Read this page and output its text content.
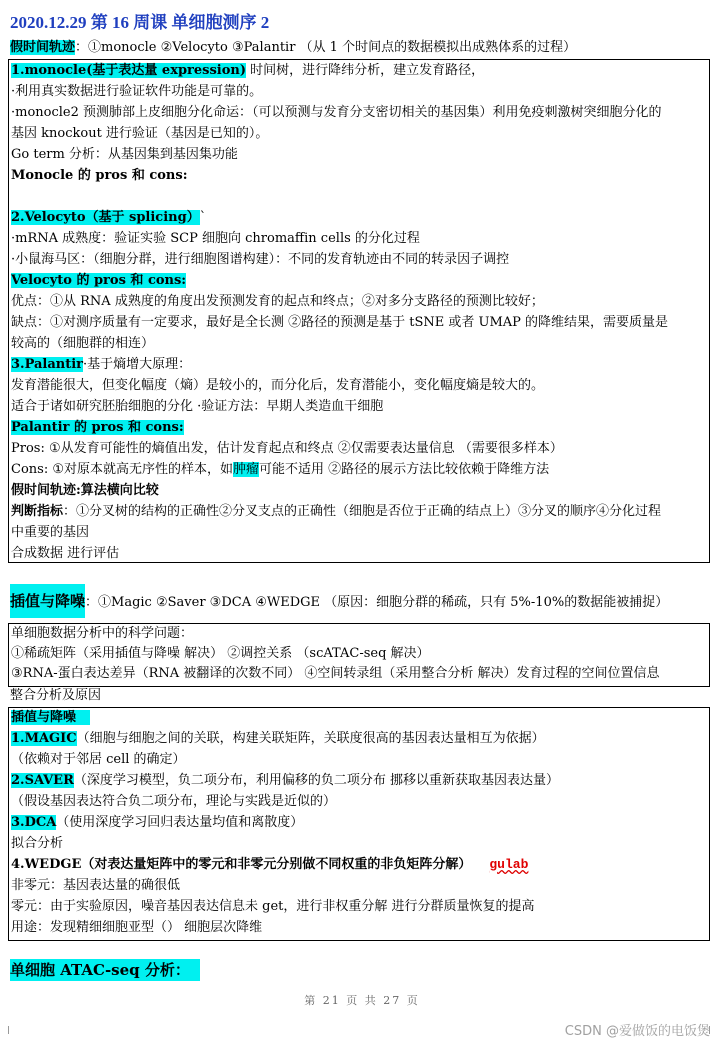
2020.12.29 第 16 周课 单细胞测序 2
假时间轨迹：①monocle ②Velocyto ③Palantir （从 1 个时间点的数据模拟出成熟体系的过程）
1.monocle(基于表达量 expression) 时间树，进行降纬分析，建立发育路径，
·利用真实数据进行验证软件功能是可靠的。
·monocle2 预测肺部上皮细胞分化命运：（可以预测与发育分支密切相关的基因集）利用免疫刺激树突细胞分化的
基因 knockout 进行验证（基因是已知的）。
Go term 分析：从基因集到基因集功能
Monocle 的 pros 和 cons:
2.Velocyto（基于 splicing）`
·mRNA 成熟度：验证实验 SCP 细胞向 chromaffin cells 的分化过程
·小鼠海马区：（细胞分群，进行细胞图谱构建）：不同的发育轨迹由不同的转录因子调控
Velocyto 的 pros 和 cons:
优点：①从 RNA 成熟度的角度出发预测发育的起点和终点；②对多分支路径的预测比较好；
缺点：①对测序质量有一定要求，最好是全长测 ②路径的预测是基于 tSNE 或者 UMAP 的降维结果，需要质量是
较高的（细胞群的相连）
3.Palantir·基于熵增大原理：
发育潜能很大，但变化幅度（熵）是较小的，而分化后，发育潜能小，变化幅度熵是较大的。
适合于诸如研究胚胎细胞的分化 ·验证方法：早期人类造血干细胞
Palantir 的 pros 和 cons:
Pros: ①从发育可能性的熵值出发，估计发育起点和终点 ②仅需要表达量信息 （需要很多样本）
Cons: ①对原本就高无序性的样本，如肿瘤可能不适用 ②路径的展示方法比较依赖于降维方法
假时间轨迹:算法横向比较
判断指标：①分叉树的结构的正确性②分叉支点的正确性（细胞是否位于正确的结点上）③分叉的顺序④分化过程
中重要的基因
合成数据 进行评估
插值与降噪：①Magic ②Saver ③DCA ④WEDGE （原因：细胞分群的稀疏，只有 5%-10%的数据能被捕捉）
单细胞数据分析中的科学问题：
①稀疏矩阵（采用插值与降噪 解决） ②调控关系 （scATAC-seq 解决）
③RNA-蛋白表达差异（RNA 被翻译的次数不同） ④空间转录组（采用整合分析 解决）发育过程的空间位置信息
整合分析及原因
插值与降噪
1.MAGIC（细胞与细胞之间的关联，构建关联矩阵，关联度很高的基因表达量相互为依据）
（依赖对于邻居 cell 的确定）
2.SAVER（深度学习模型，负二项分布，利用偏移的负二项分布 挪移以重新获取基因表达量）
（假设基因表达符合负二项分布，理论与实践是近似的）
3.DCA（使用深度学习回归表达量均值和离散度）
拟合分析
4.WEDGE（对表达量矩阵中的零元和非零元分别做不同权重的非负矩阵分解） gulab
非零元：基因表达量的确很低
零元：由于实验原因，噪音基因表达信息未 get，进行非权重分解 进行分群质量恢复的提高
用途：发现精细细胞亚型（） 细胞层次降维
单细胞 ATAC-seq 分析：
第 21 页 共 27 页
CSDN @爱做饭的电饭煲
